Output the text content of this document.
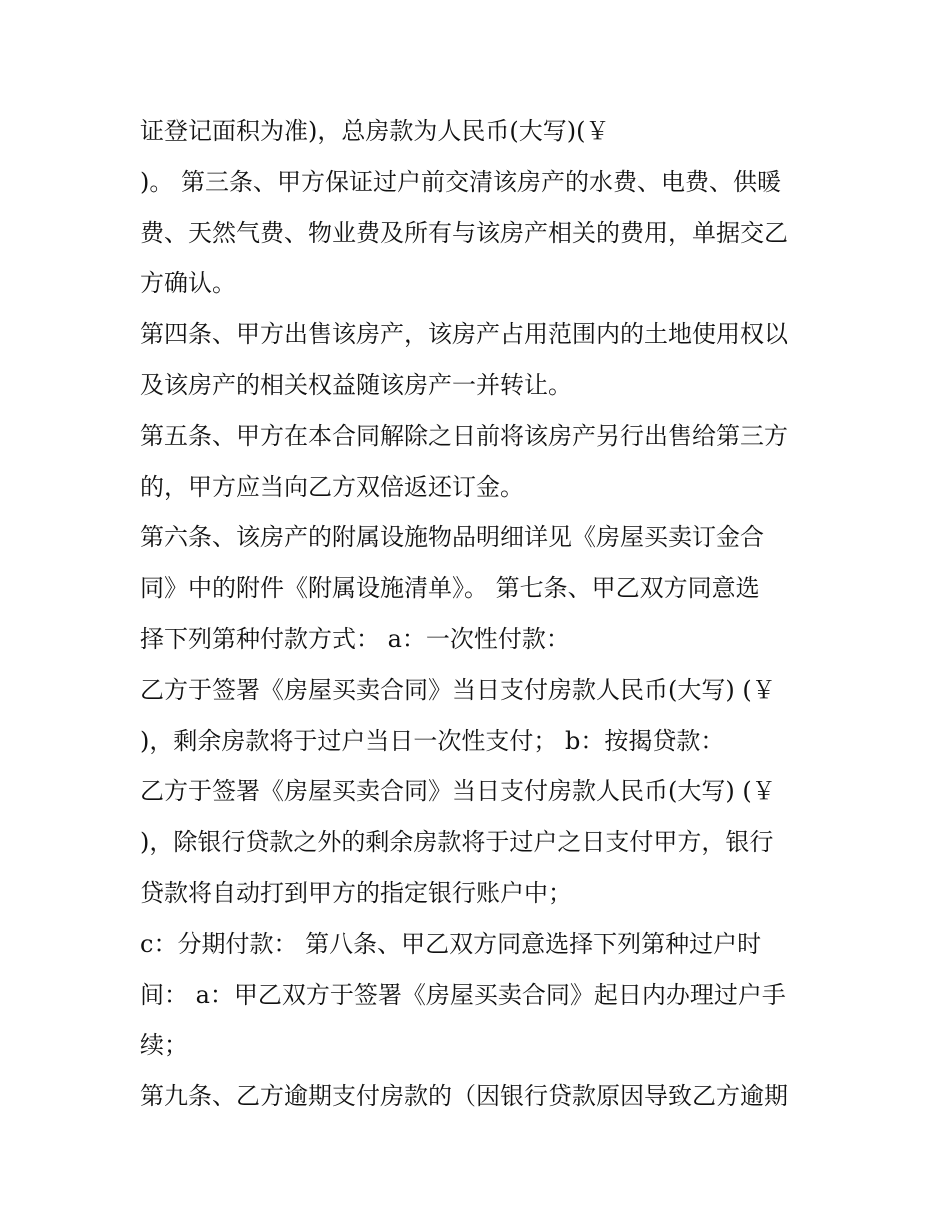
证登记面积为准)，总房款为人民币(大写)(￥
)。 第三条、甲方保证过户前交清该房产的水费、电费、供暖
费、天然气费、物业费及所有与该房产相关的费用，单据交乙
方确认。
第四条、甲方出售该房产，该房产占用范围内的土地使用权以
及该房产的相关权益随该房产一并转让。
第五条、甲方在本合同解除之日前将该房产另行出售给第三方
的，甲方应当向乙方双倍返还订金。
第六条、该房产的附属设施物品明细详见《房屋买卖订金合
同》中的附件《附属设施清单》。 第七条、甲乙双方同意选
择下列第种付款方式： a：一次性付款：
乙方于签署《房屋买卖合同》当日支付房款人民币(大写) (￥
)，剩余房款将于过户当日一次性支付； b：按揭贷款：
乙方于签署《房屋买卖合同》当日支付房款人民币(大写) (￥
)，除银行贷款之外的剩余房款将于过户之日支付甲方，银行
贷款将自动打到甲方的指定银行账户中；
c：分期付款： 第八条、甲乙双方同意选择下列第种过户时
间： a：甲乙双方于签署《房屋买卖合同》起日内办理过户手
续；
第九条、乙方逾期支付房款的（因银行贷款原因导致乙方逾期
